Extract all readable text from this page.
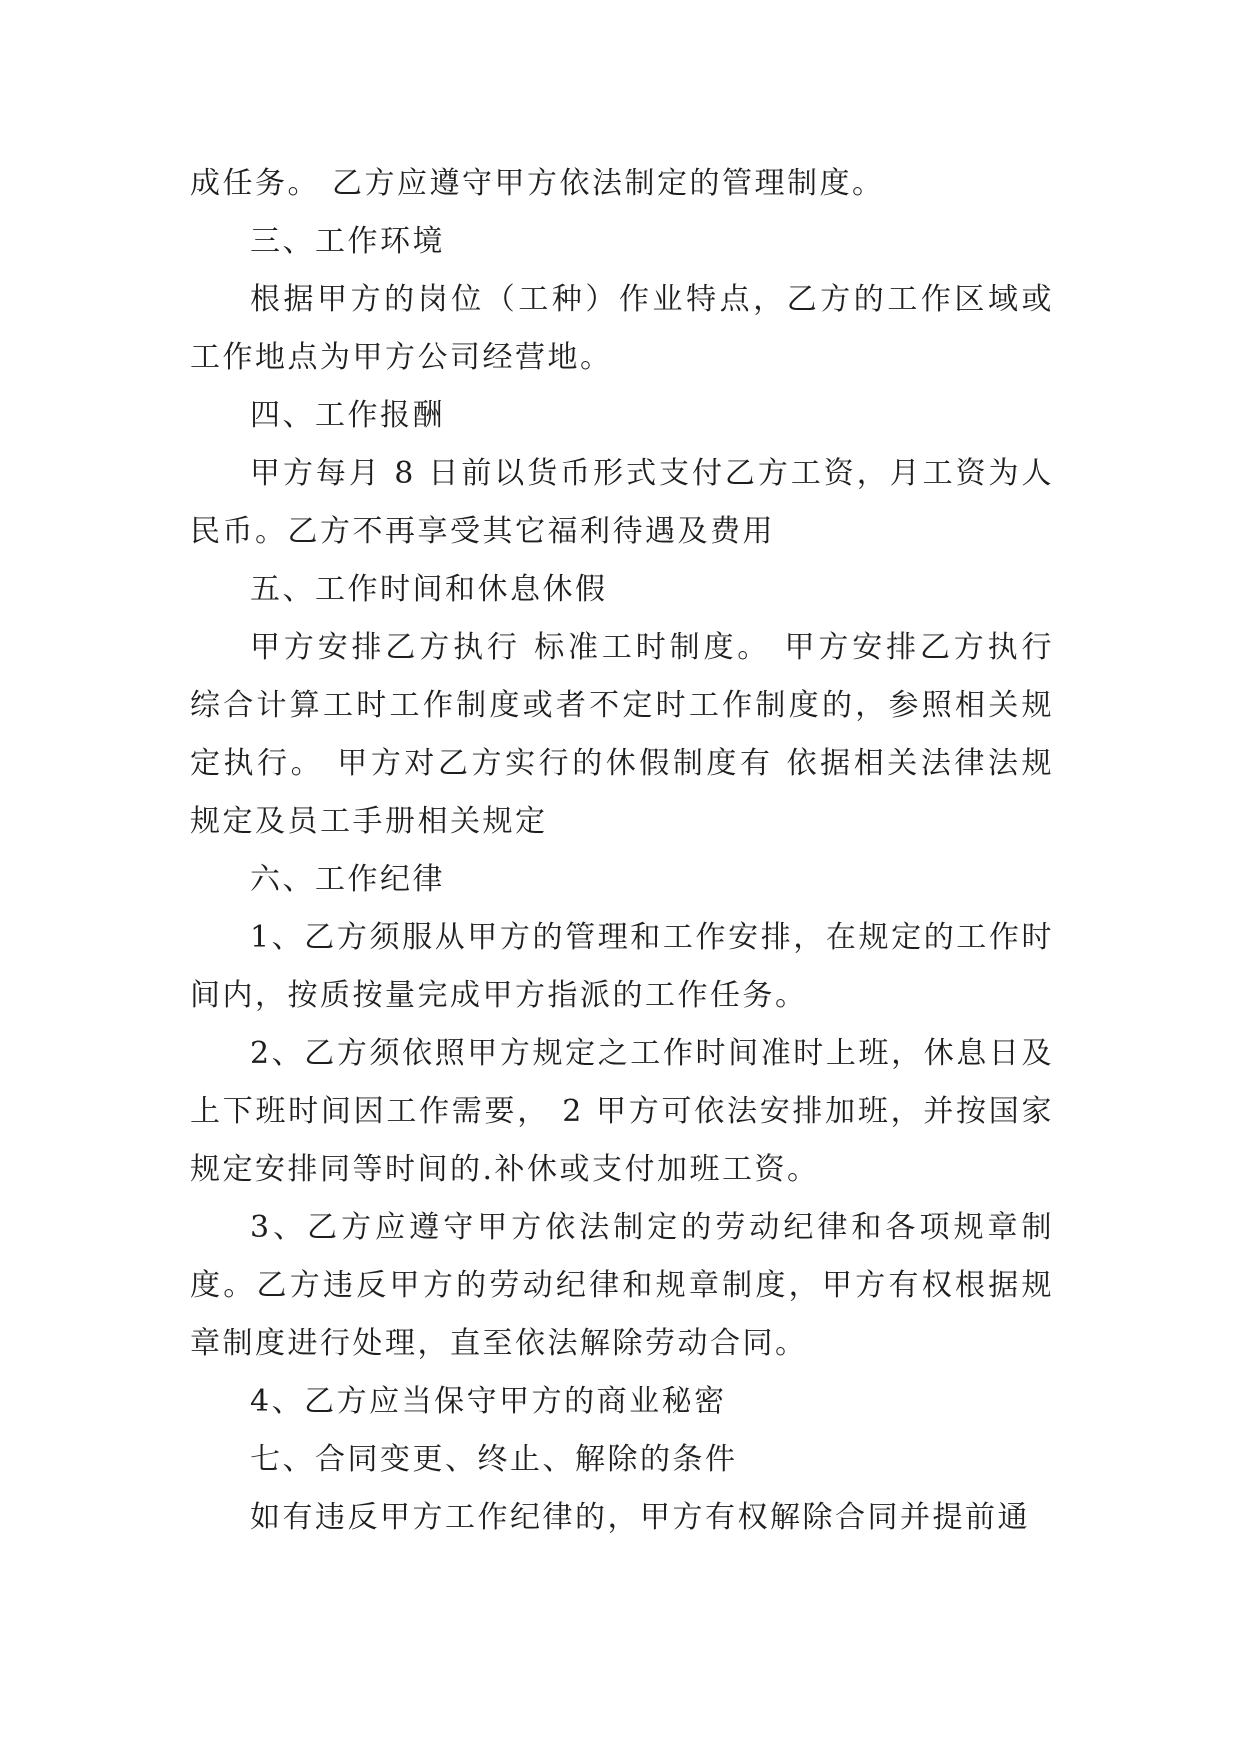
成任务。 乙方应遵守甲方依法制定的管理制度。

三、工作环境

根据甲方的岗位（工种）作业特点，乙方的工作区域或工作地点为甲方公司经营地。

四、工作报酬

甲方每月 8 日前以货币形式支付乙方工资，月工资为人民币。乙方不再享受其它福利待遇及费用

五、工作时间和休息休假

甲方安排乙方执行 标准工时制度。 甲方安排乙方执行综合计算工时工作制度或者不定时工作制度的，参照相关规定执行。 甲方对乙方实行的休假制度有 依据相关法律法规规定及员工手册相关规定

六、工作纪律

1、乙方须服从甲方的管理和工作安排，在规定的工作时间内，按质按量完成甲方指派的工作任务。

2、乙方须依照甲方规定之工作时间准时上班，休息日及上下班时间因工作需要， 2 甲方可依法安排加班，并按国家规定安排同等时间的.补休或支付加班工资。

3、乙方应遵守甲方依法制定的劳动纪律和各项规章制度。乙方违反甲方的劳动纪律和规章制度，甲方有权根据规章制度进行处理，直至依法解除劳动合同。

4、乙方应当保守甲方的商业秘密

七、合同变更、终止、解除的条件

如有违反甲方工作纪律的，甲方有权解除合同并提前通
